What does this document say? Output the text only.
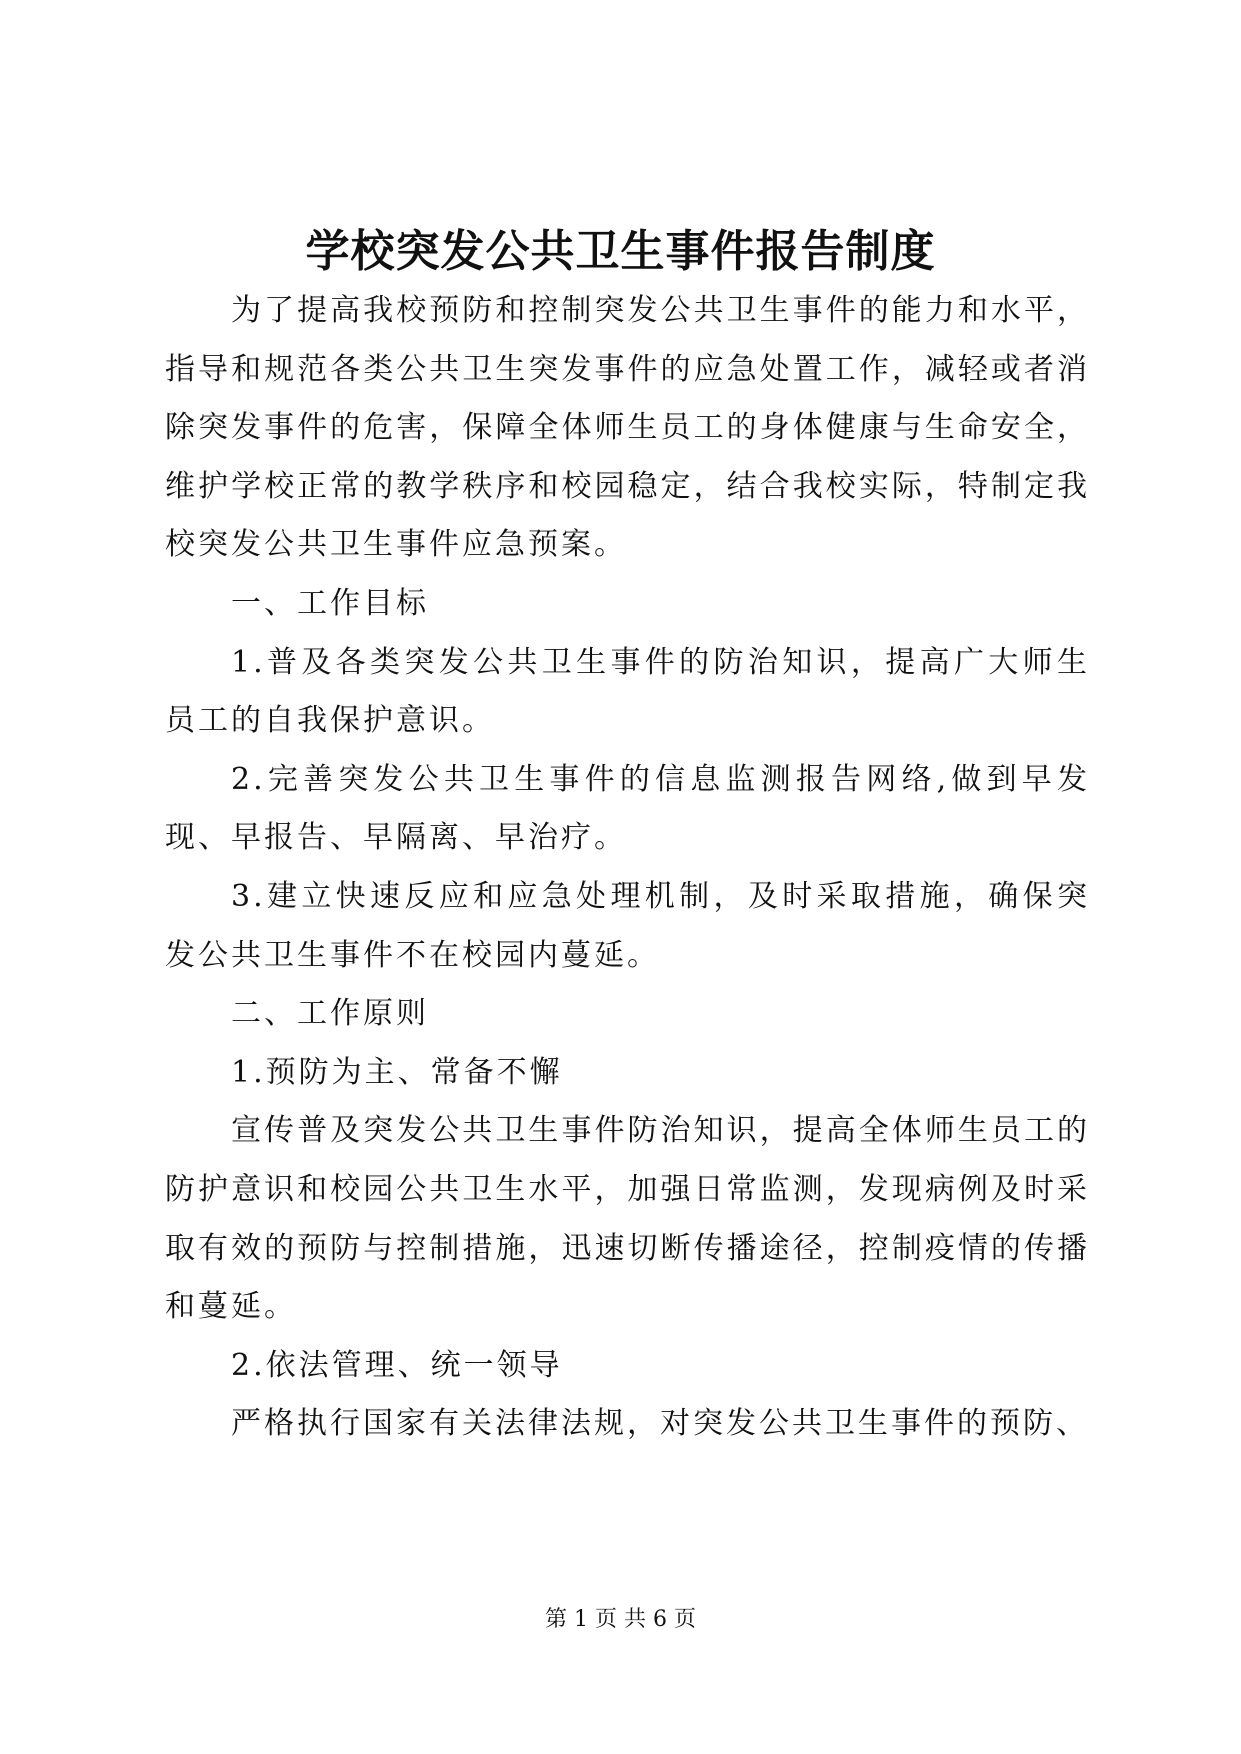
学校突发公共卫生事件报告制度

为了提高我校预防和控制突发公共卫生事件的能力和水平，指导和规范各类公共卫生突发事件的应急处置工作，减轻或者消除突发事件的危害，保障全体师生员工的身体健康与生命安全，维护学校正常的教学秩序和校园稳定，结合我校实际，特制定我校突发公共卫生事件应急预案。

一、工作目标

1.普及各类突发公共卫生事件的防治知识，提高广大师生员工的自我保护意识。

2.完善突发公共卫生事件的信息监测报告网络,做到早发现、早报告、早隔离、早治疗。

3.建立快速反应和应急处理机制，及时采取措施，确保突发公共卫生事件不在校园内蔓延。

二、工作原则

1.预防为主、常备不懈

宣传普及突发公共卫生事件防治知识，提高全体师生员工的防护意识和校园公共卫生水平，加强日常监测，发现病例及时采取有效的预防与控制措施，迅速切断传播途径，控制疫情的传播和蔓延。

2.依法管理、统一领导

严格执行国家有关法律法规，对突发公共卫生事件的预防、

第 1 页 共 6 页
